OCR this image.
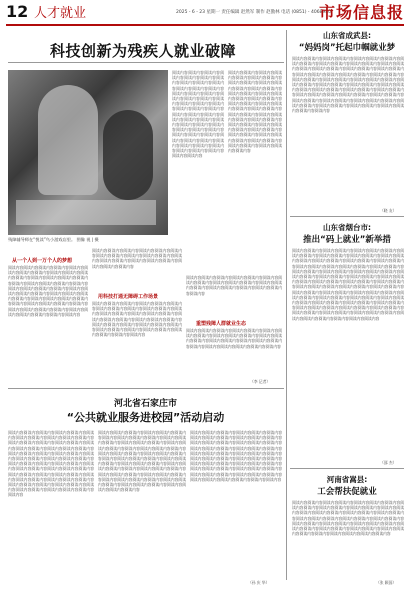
12 人才就业	2025 - 6 - 23 星期一 责任编辑 赵然军 制作 赵傲林 电话 (0851) - 4068980
市场信息报
科技创新为残疾人就业破障
残障辅导师在“悦读”鸟小游戏店里。 图像 视 | 摄
阅读内容阅读内容阅读内容阅读内容阅读内容阅读内容阅读内容阅读内容阅读内容阅读内容阅读内容阅读内容阅读内容阅读内容阅读内容阅读内容阅读内容阅读内容阅读内容阅读内容阅读内容阅读内容阅读内容阅读内容阅读内容阅读内容阅读内容阅读内容阅读内容阅读内容阅读内容阅读内容阅读内容阅读内容阅读内容阅读内容阅读内容阅读内容阅读内容阅读内容阅读内容阅读内容阅读内容阅读内容阅读内容阅读内容阅读内容阅读内容阅读内容阅读内容阅读内容阅读内容阅读内容阅读内容
阅读内容阅读内容阅读内容阅读内容阅读内容阅读内容阅读内容阅读内容阅读内容阅读内容阅读内容阅读内容阅读内容阅读内容阅读内容阅读内容阅读内容阅读内容阅读内容阅读内容阅读内容阅读内容阅读内容阅读内容阅读内容阅读内容阅读内容阅读内容阅读内容阅读内容阅读内容阅读内容阅读内容阅读内容阅读内容阅读内容阅读内容阅读内容阅读内容阅读内容阅读内容阅读内容阅读内容阅读内容阅读内容阅读内容阅读内容阅读内容阅读内容阅读内容阅读内容阅读内容阅读内容阅读内容
从一个人到一万个人的梦想
阅读内容阅读内容阅读内容阅读内容阅读内容阅读内容阅读内容阅读内容阅读内容阅读内容阅读内容阅读内容阅读内容阅读内容阅读内容阅读内容阅读内容阅读内容阅读内容阅读内容阅读内容阅读内容阅读内容阅读内容阅读内容阅读内容阅读内容阅读内容阅读内容阅读内容阅读内容阅读内容阅读内容阅读内容阅读内容阅读内容阅读内容阅读内容阅读内容阅读内容阅读内容阅读内容阅读内容阅读内容阅读内容阅读内容阅读内容阅读内容阅读内容阅读内容阅读内容阅读内容
阅读内容阅读内容阅读内容阅读内容阅读内容阅读内容阅读内容阅读内容阅读内容阅读内容阅读内容阅读内容阅读内容阅读内容阅读内容阅读内容阅读内容阅读内容阅读内容阅读内容
用科技打通无障碍工作场景
阅读内容阅读内容阅读内容阅读内容阅读内容阅读内容阅读内容阅读内容阅读内容阅读内容阅读内容阅读内容阅读内容阅读内容阅读内容阅读内容阅读内容阅读内容阅读内容阅读内容阅读内容阅读内容阅读内容阅读内容阅读内容阅读内容阅读内容阅读内容阅读内容阅读内容阅读内容阅读内容阅读内容阅读内容阅读内容阅读内容阅读内容阅读内容
阅读内容阅读内容阅读内容阅读内容阅读内容阅读内容阅读内容阅读内容阅读内容阅读内容阅读内容阅读内容阅读内容阅读内容阅读内容阅读内容阅读内容阅读内容阅读内容阅读内容
重塑残障人群就业生态
阅读内容阅读内容阅读内容阅读内容阅读内容阅读内容阅读内容阅读内容阅读内容阅读内容阅读内容阅读内容阅读内容阅读内容阅读内容阅读内容阅读内容阅读内容阅读内容阅读内容阅读内容阅读内容阅读内容阅读内容阅读内容
（李 记者）
河北省石家庄市
“公共就业服务进校园”活动启动
阅读内容阅读内容阅读内容阅读内容阅读内容阅读内容阅读内容阅读内容阅读内容阅读内容阅读内容阅读内容阅读内容阅读内容阅读内容阅读内容阅读内容阅读内容阅读内容阅读内容阅读内容阅读内容阅读内容阅读内容阅读内容阅读内容阅读内容阅读内容阅读内容阅读内容阅读内容阅读内容阅读内容阅读内容阅读内容阅读内容阅读内容阅读内容阅读内容阅读内容阅读内容阅读内容阅读内容阅读内容阅读内容阅读内容阅读内容阅读内容阅读内容阅读内容阅读内容阅读内容阅读内容阅读内容阅读内容阅读内容阅读内容阅读内容阅读内容阅读内容阅读内容阅读内容阅读内容阅读内容阅读内容阅读内容阅读内容
阅读内容阅读内容阅读内容阅读内容阅读内容阅读内容阅读内容阅读内容阅读内容阅读内容阅读内容阅读内容阅读内容阅读内容阅读内容阅读内容阅读内容阅读内容阅读内容阅读内容阅读内容阅读内容阅读内容阅读内容阅读内容阅读内容阅读内容阅读内容阅读内容阅读内容阅读内容阅读内容阅读内容阅读内容阅读内容阅读内容阅读内容阅读内容阅读内容阅读内容阅读内容阅读内容阅读内容阅读内容阅读内容阅读内容阅读内容阅读内容阅读内容阅读内容阅读内容阅读内容阅读内容阅读内容阅读内容阅读内容阅读内容阅读内容阅读内容阅读内容阅读内容阅读内容阅读内容阅读内容阅读内容阅读内容
阅读内容阅读内容阅读内容阅读内容阅读内容阅读内容阅读内容阅读内容阅读内容阅读内容阅读内容阅读内容阅读内容阅读内容阅读内容阅读内容阅读内容阅读内容阅读内容阅读内容阅读内容阅读内容阅读内容阅读内容阅读内容阅读内容阅读内容阅读内容阅读内容阅读内容阅读内容阅读内容阅读内容阅读内容阅读内容阅读内容阅读内容阅读内容阅读内容阅读内容阅读内容阅读内容阅读内容阅读内容阅读内容阅读内容阅读内容阅读内容阅读内容阅读内容阅读内容阅读内容阅读内容阅读内容阅读内容阅读内容阅读内容阅读内容阅读内容阅读内容
（孙 庆 华）
山东省成武县:
“妈妈岗”托起巾帼就业梦
阅读内容阅读内容阅读内容阅读内容阅读内容阅读内容阅读内容阅读内容阅读内容阅读内容阅读内容阅读内容阅读内容阅读内容阅读内容阅读内容阅读内容阅读内容阅读内容阅读内容阅读内容阅读内容阅读内容阅读内容阅读内容阅读内容阅读内容阅读内容阅读内容阅读内容阅读内容阅读内容阅读内容阅读内容阅读内容阅读内容阅读内容阅读内容阅读内容阅读内容阅读内容阅读内容阅读内容阅读内容阅读内容阅读内容阅读内容阅读内容阅读内容阅读内容阅读内容阅读内容阅读内容阅读内容阅读内容阅读内容阅读内容阅读内容阅读内容阅读内容阅读内容阅读内容阅读内容阅读内容阅读内容阅读内容阅读内容阅读内容阅读内容阅读内容阅读内容阅读内容阅读内容阅读内容阅读内容
（晓 友）
山东省烟台市:
推出“码上就业”新举措
阅读内容阅读内容阅读内容阅读内容阅读内容阅读内容阅读内容阅读内容阅读内容阅读内容阅读内容阅读内容阅读内容阅读内容阅读内容阅读内容阅读内容阅读内容阅读内容阅读内容阅读内容阅读内容阅读内容阅读内容阅读内容阅读内容阅读内容阅读内容阅读内容阅读内容阅读内容阅读内容阅读内容阅读内容阅读内容阅读内容阅读内容阅读内容阅读内容阅读内容阅读内容阅读内容阅读内容阅读内容阅读内容阅读内容阅读内容阅读内容阅读内容阅读内容阅读内容阅读内容阅读内容阅读内容阅读内容阅读内容阅读内容阅读内容阅读内容阅读内容阅读内容阅读内容阅读内容阅读内容阅读内容阅读内容阅读内容阅读内容阅读内容阅读内容阅读内容阅读内容阅读内容阅读内容阅读内容阅读内容阅读内容阅读内容阅读内容阅读内容阅读内容阅读内容阅读内容阅读内容阅读内容阅读内容阅读内容阅读内容阅读内容阅读内容阅读内容阅读内容阅读内容阅读内容阅读内容阅读内容阅读内容阅读内容阅读内容阅读内容
（邵 杰）
河南省嵩县:
工会帮扶促就业
阅读内容阅读内容阅读内容阅读内容阅读内容阅读内容阅读内容阅读内容阅读内容阅读内容阅读内容阅读内容阅读内容阅读内容阅读内容阅读内容阅读内容阅读内容阅读内容阅读内容阅读内容阅读内容阅读内容阅读内容阅读内容阅读内容阅读内容阅读内容阅读内容阅读内容阅读内容阅读内容阅读内容阅读内容阅读内容阅读内容阅读内容阅读内容阅读内容阅读内容阅读内容阅读内容阅读内容阅读内容阅读内容阅读内容阅读内容阅读内容阅读内容阅读内容
（张 颖国）
